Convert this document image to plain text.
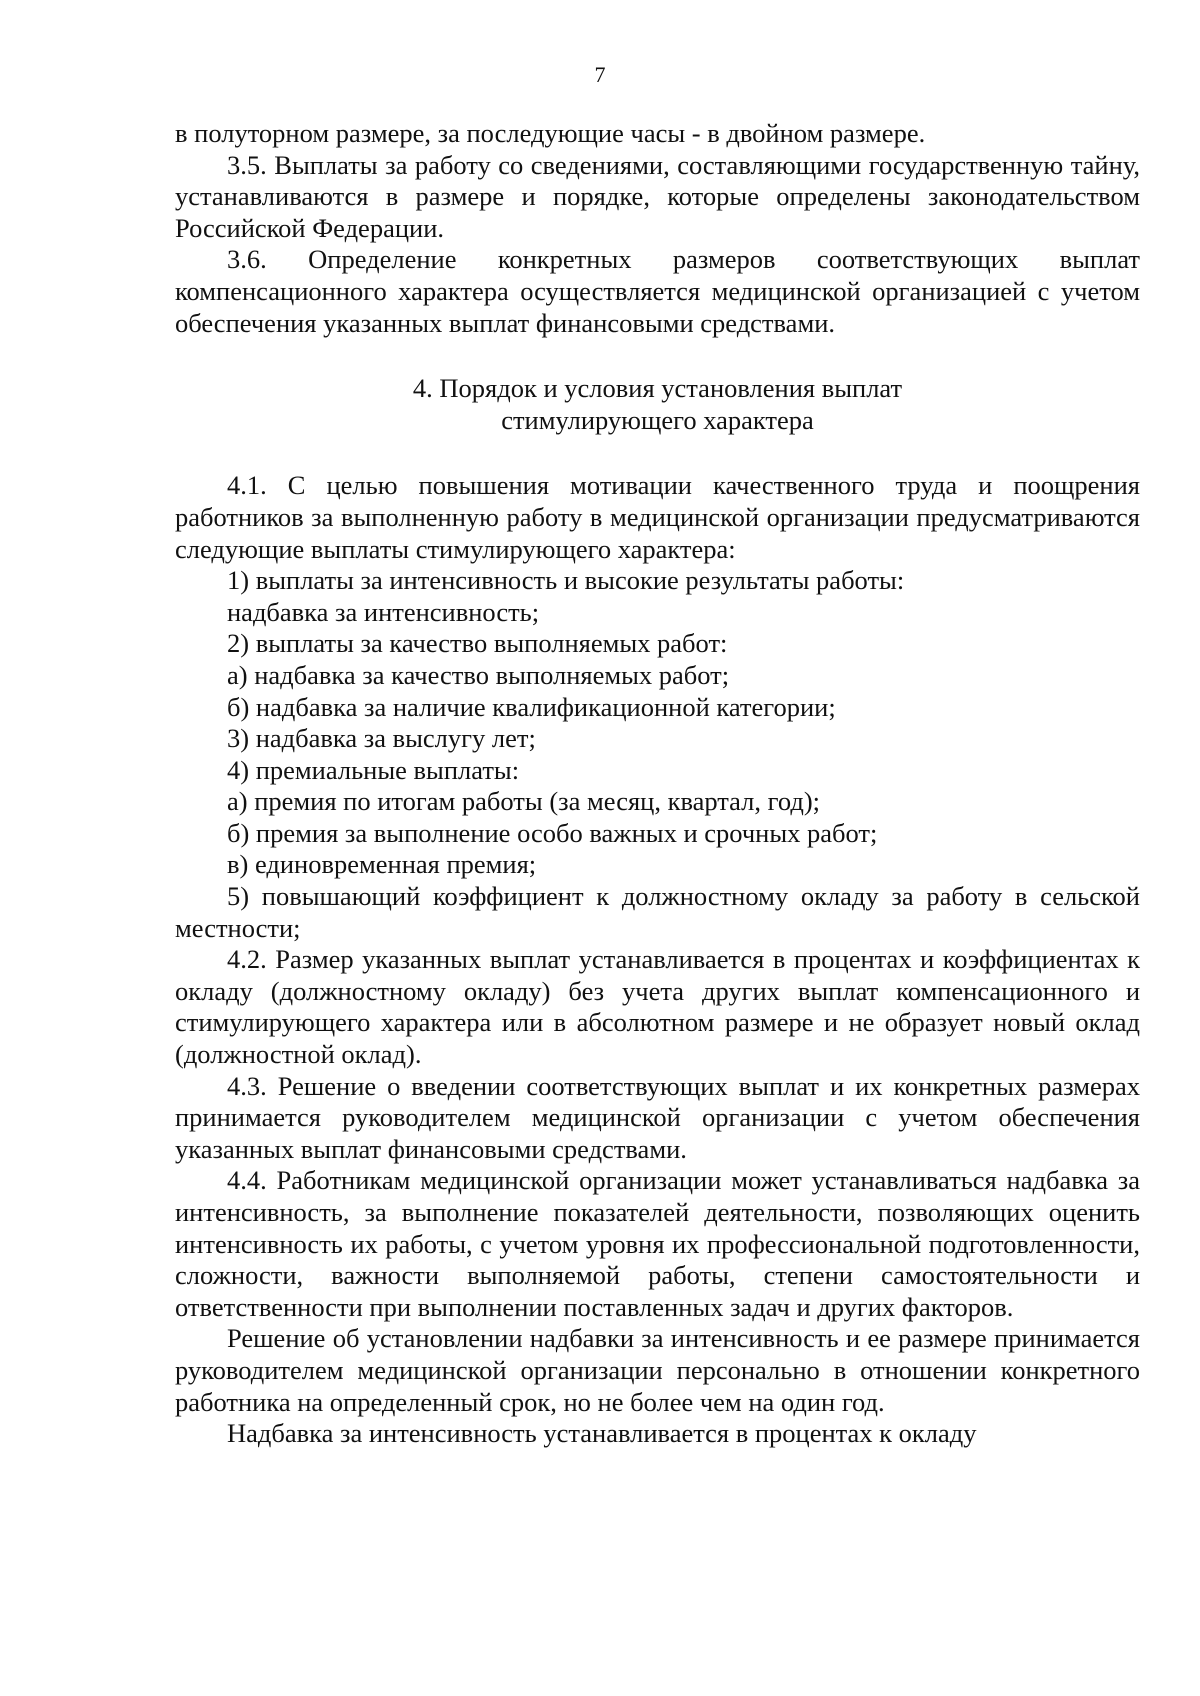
7

в полуторном размере, за последующие часы - в двойном размере.

3.5. Выплаты за работу со сведениями, составляющими государственную тайну, устанавливаются в размере и порядке, которые определены законодательством Российской Федерации.

3.6. Определение конкретных размеров соответствующих выплат компенсационного характера осуществляется медицинской организацией с учетом обеспечения указанных выплат финансовыми средствами.

4. Порядок и условия установления выплат
стимулирующего характера

4.1. С целью повышения мотивации качественного труда и поощрения работников за выполненную работу в медицинской организации предусматриваются следующие выплаты стимулирующего характера:

1) выплаты за интенсивность и высокие результаты работы:

надбавка за интенсивность;

2) выплаты за качество выполняемых работ:

а) надбавка за качество выполняемых работ;

б) надбавка за наличие квалификационной категории;

3) надбавка за выслугу лет;

4) премиальные выплаты:

а) премия по итогам работы (за месяц, квартал, год);

б) премия за выполнение особо важных и срочных работ;

в) единовременная премия;

5) повышающий коэффициент к должностному окладу за работу в сельской местности;

4.2. Размер указанных выплат устанавливается в процентах и коэффициентах к окладу (должностному окладу) без учета других выплат компенсационного и стимулирующего характера или в абсолютном размере и не образует новый оклад (должностной оклад).

4.3. Решение о введении соответствующих выплат и их конкретных размерах принимается руководителем медицинской организации с учетом обеспечения указанных выплат финансовыми средствами.

4.4. Работникам медицинской организации может устанавливаться надбавка за интенсивность, за выполнение показателей деятельности, позволяющих оценить интенсивность их работы, с учетом уровня их профессиональной подготовленности, сложности, важности выполняемой работы, степени самостоятельности и ответственности при выполнении поставленных задач и других факторов.

Решение об установлении надбавки за интенсивность и ее размере принимается руководителем медицинской организации персонально в отношении конкретного работника на определенный срок, но не более чем на один год.

Надбавка за интенсивность устанавливается в процентах к окладу
